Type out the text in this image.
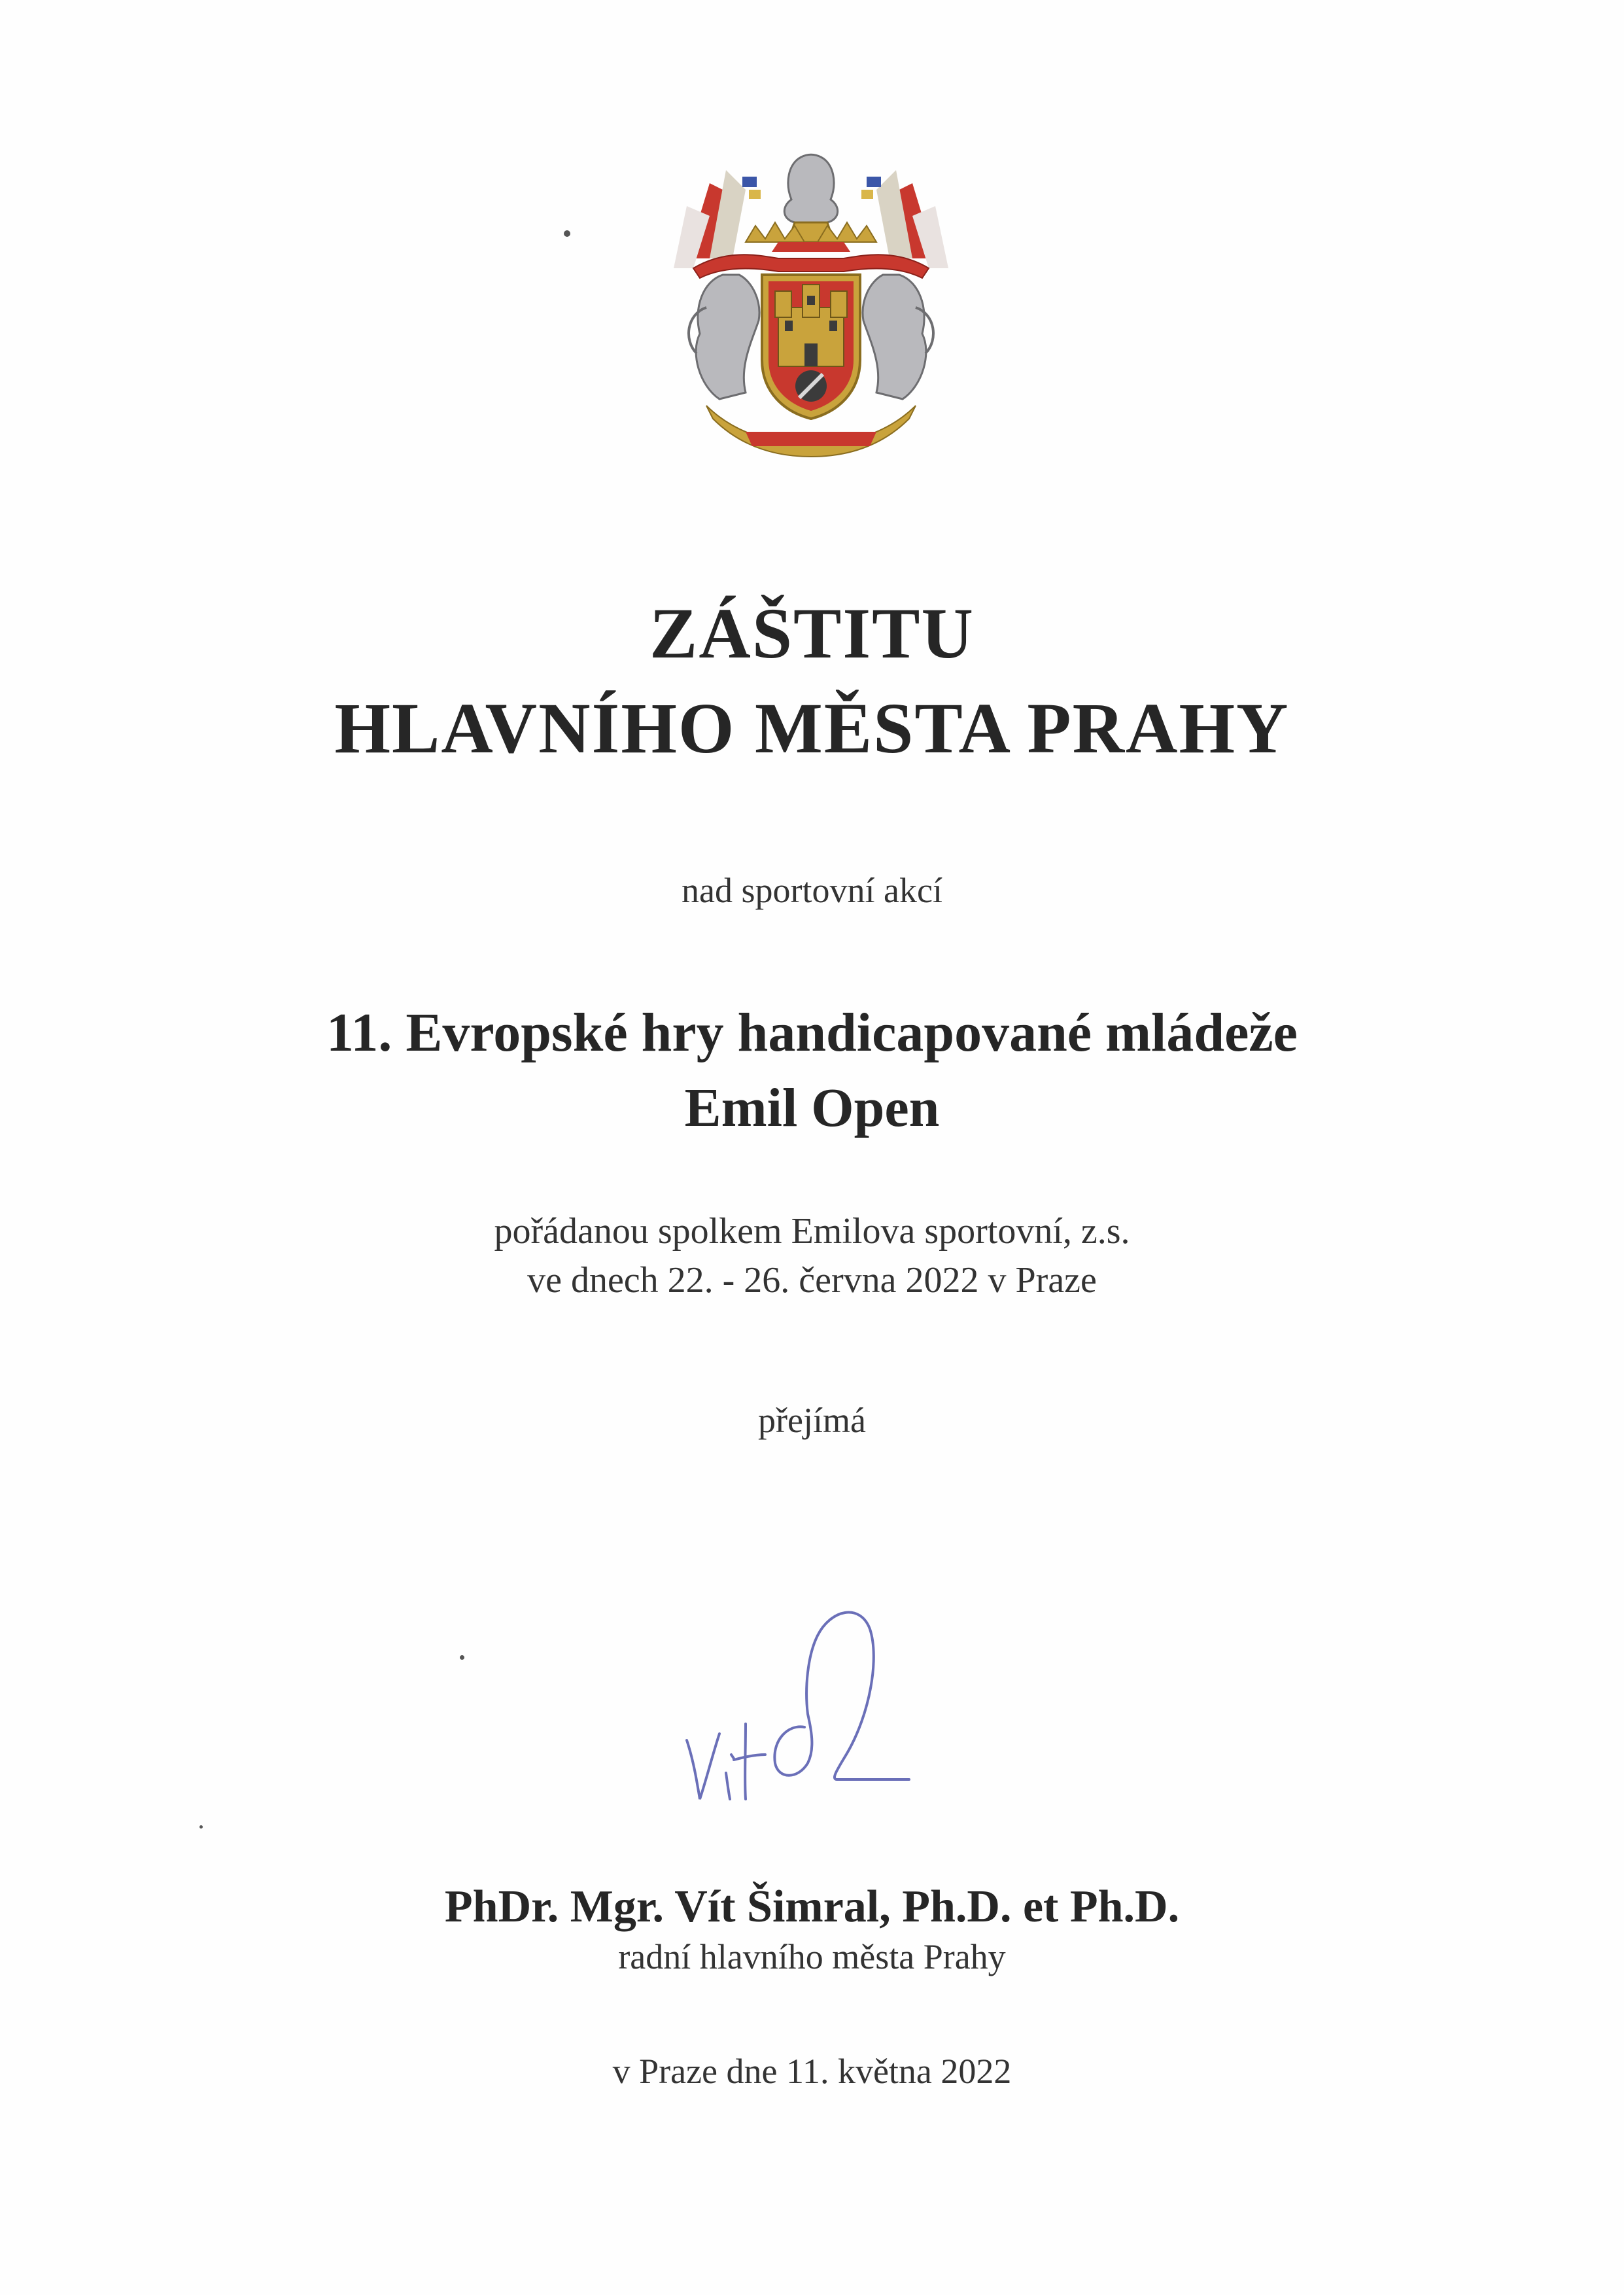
ZÁŠTITU
HLAVNÍHO MĚSTA PRAHY
nad sportovní akcí
11. Evropské hry handicapované mládeže
Emil Open
pořádanou spolkem Emilova sportovní, z.s.
ve dnech 22. - 26. června 2022 v Praze
přejímá
PhDr. Mgr. Vít Šimral, Ph.D. et Ph.D.
radní hlavního města Prahy
v Praze dne 11. května 2022
